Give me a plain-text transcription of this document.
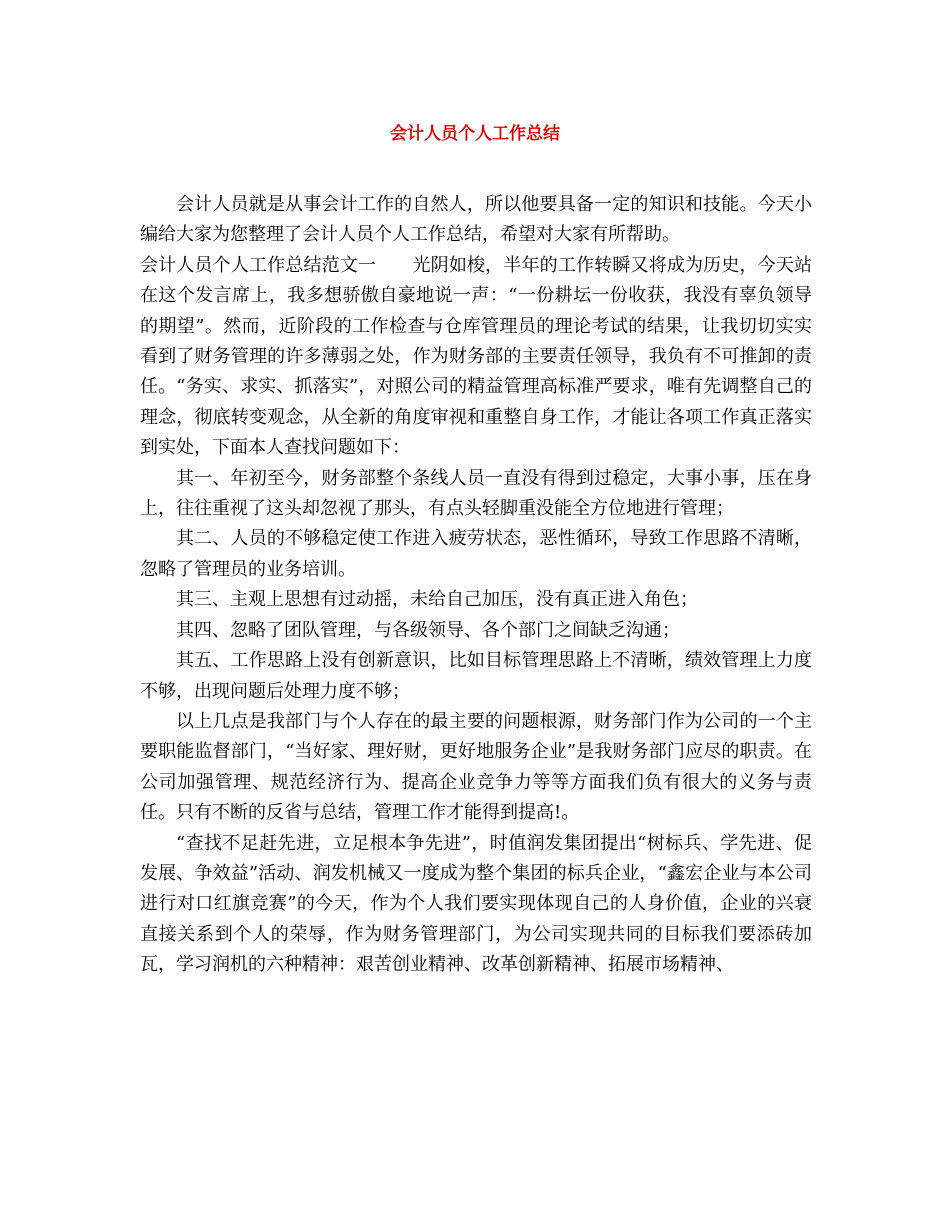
会计人员个人工作总结

会计人员就是从事会计工作的自然人，所以他要具备一定的知识和技能。今天小编给大家为您整理了会计人员个人工作总结，希望对大家有所帮助。

会计人员个人工作总结范文一　　光阴如梭，半年的工作转瞬又将成为历史，今天站在这个发言席上，我多想骄傲自豪地说一声：“一份耕坛一份收获，我没有辜负领导的期望”。然而，近阶段的工作检查与仓库管理员的理论考试的结果，让我切切实实看到了财务管理的许多薄弱之处，作为财务部的主要责任领导，我负有不可推卸的责任。“务实、求实、抓落实”，对照公司的精益管理高标准严要求，唯有先调整自己的理念，彻底转变观念，从全新的角度审视和重整自身工作，才能让各项工作真正落实到实处，下面本人查找问题如下：

其一、年初至今，财务部整个条线人员一直没有得到过稳定，大事小事，压在身上，往往重视了这头却忽视了那头，有点头轻脚重没能全方位地进行管理；

其二、人员的不够稳定使工作进入疲劳状态，恶性循环，导致工作思路不清晰，忽略了管理员的业务培训。

其三、主观上思想有过动摇，未给自己加压，没有真正进入角色；

其四、忽略了团队管理，与各级领导、各个部门之间缺乏沟通；

其五、工作思路上没有创新意识，比如目标管理思路上不清晰，绩效管理上力度不够，出现问题后处理力度不够；

以上几点是我部门与个人存在的最主要的问题根源，财务部门作为公司的一个主要职能监督部门，“当好家、理好财，更好地服务企业”是我财务部门应尽的职责。在公司加强管理、规范经济行为、提高企业竞争力等等方面我们负有很大的义务与责任。只有不断的反省与总结，管理工作才能得到提高!。

“查找不足赶先进，立足根本争先进”，时值润发集团提出“树标兵、学先进、促发展、争效益”活动、润发机械又一度成为整个集团的标兵企业，“鑫宏企业与本公司进行对口红旗竞赛”的今天，作为个人我们要实现体现自己的人身价值，企业的兴衰直接关系到个人的荣辱，作为财务管理部门，为公司实现共同的目标我们要添砖加瓦，学习润机的六种精神：艰苦创业精神、改革创新精神、拓展市场精神、
